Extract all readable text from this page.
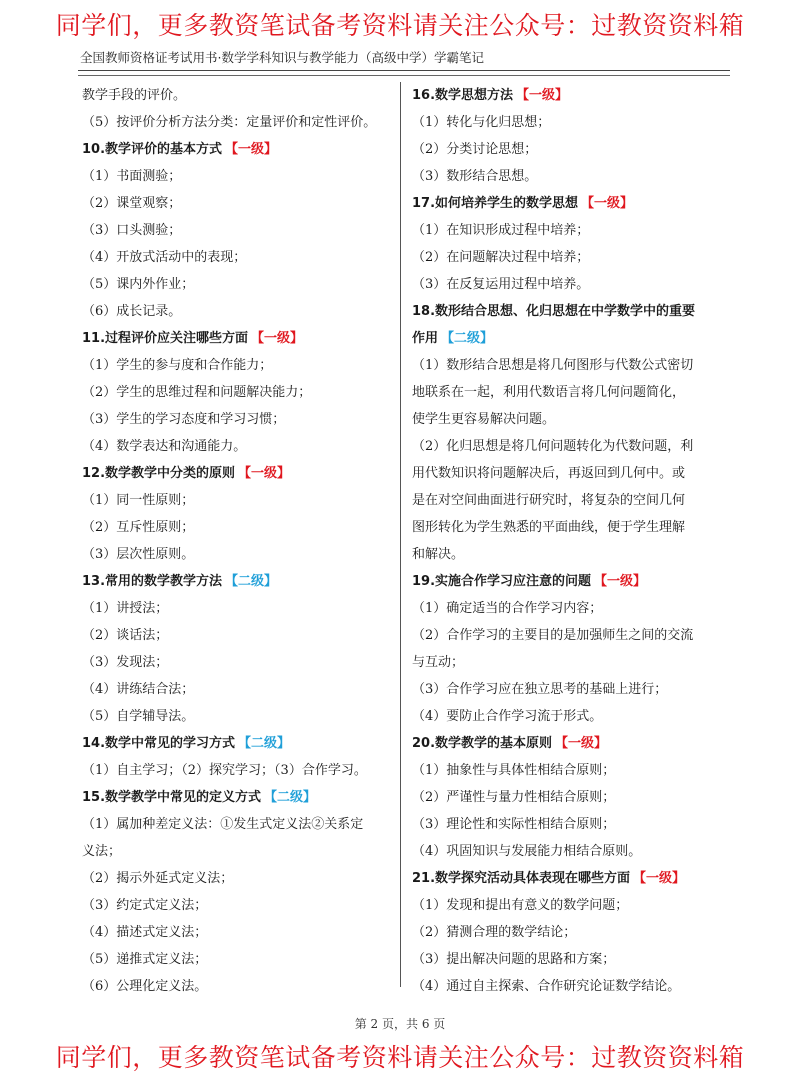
同学们，更多教资笔试备考资料请关注公众号：过教资资料箱
全国教师资格证考试用书·数学学科知识与教学能力（高级中学）学霸笔记
教学手段的评价。
（5）按评价分析方法分类：定量评价和定性评价。
10.教学评价的基本方式 【一级】
（1）书面测验；
（2）课堂观察；
（3）口头测验；
（4）开放式活动中的表现；
（5）课内外作业；
（6）成长记录。
11.过程评价应关注哪些方面 【一级】
（1）学生的参与度和合作能力；
（2）学生的思维过程和问题解决能力；
（3）学生的学习态度和学习习惯；
（4）数学表达和沟通能力。
12.数学教学中分类的原则 【一级】
（1）同一性原则；
（2）互斥性原则；
（3）层次性原则。
13.常用的数学教学方法 【二级】
（1）讲授法；
（2）谈话法；
（3）发现法；
（4）讲练结合法；
（5）自学辅导法。
14.数学中常见的学习方式 【二级】
（1）自主学习；（2）探究学习；（3）合作学习。
15.数学教学中常见的定义方式 【二级】
（1）属加种差定义法：①发生式定义法②关系定
义法；
（2）揭示外延式定义法；
（3）约定式定义法；
（4）描述式定义法；
（5）递推式定义法；
（6）公理化定义法。
16.数学思想方法 【一级】
（1）转化与化归思想；
（2）分类讨论思想；
（3）数形结合思想。
17.如何培养学生的数学思想 【一级】
（1）在知识形成过程中培养；
（2）在问题解决过程中培养；
（3）在反复运用过程中培养。
18.数形结合思想、化归思想在中学数学中的重要
作用 【二级】
（1）数形结合思想是将几何图形与代数公式密切
地联系在一起，利用代数语言将几何问题简化，
使学生更容易解决问题。
（2）化归思想是将几何问题转化为代数问题，利
用代数知识将问题解决后，再返回到几何中。或
是在对空间曲面进行研究时，将复杂的空间几何
图形转化为学生熟悉的平面曲线，便于学生理解
和解决。
19.实施合作学习应注意的问题 【一级】
（1）确定适当的合作学习内容；
（2）合作学习的主要目的是加强师生之间的交流
与互动；
（3）合作学习应在独立思考的基础上进行；
（4）要防止合作学习流于形式。
20.数学教学的基本原则 【一级】
（1）抽象性与具体性相结合原则；
（2）严谨性与量力性相结合原则；
（3）理论性和实际性相结合原则；
（4）巩固知识与发展能力相结合原则。
21.数学探究活动具体表现在哪些方面 【一级】
（1）发现和提出有意义的数学问题；
（2）猜测合理的数学结论；
（3）提出解决问题的思路和方案；
（4）通过自主探索、合作研究论证数学结论。
第 2 页，共 6 页
同学们，更多教资笔试备考资料请关注公众号：过教资资料箱
